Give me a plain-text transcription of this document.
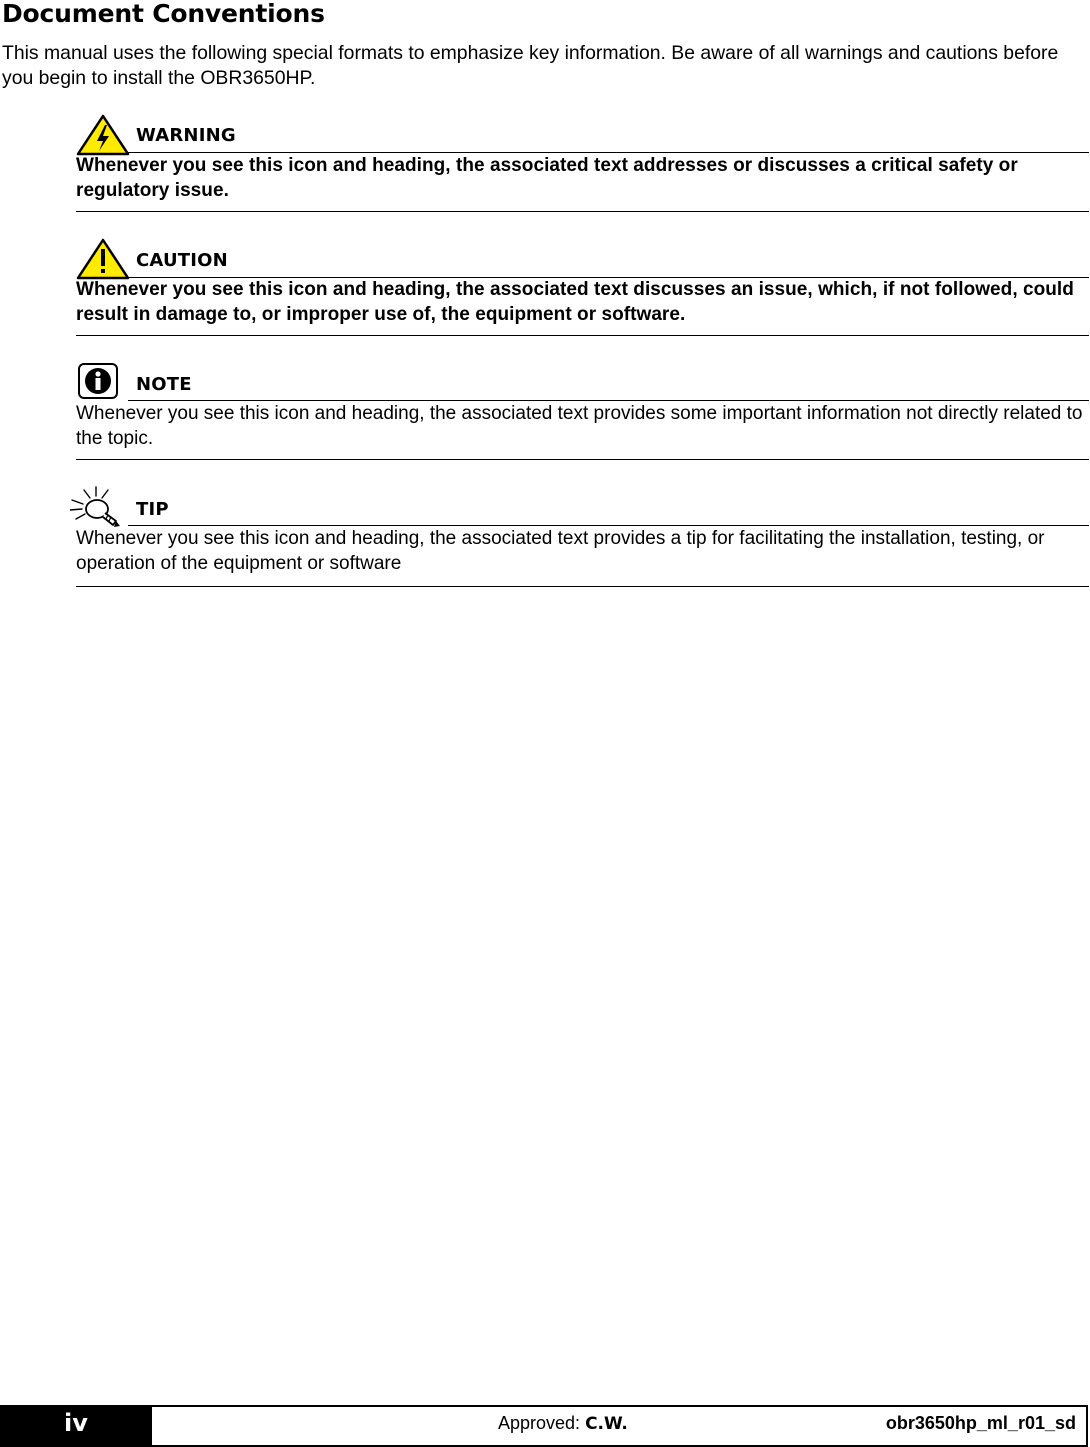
Document Conventions

This manual uses the following special formats to emphasize key information. Be aware of all warnings and cautions before you begin to install the OBR3650HP.

WARNING

Whenever you see this icon and heading, the associated text addresses or discusses a critical safety or regulatory issue.

CAUTION

Whenever you see this icon and heading, the associated text discusses an issue, which, if not followed, could result in damage to, or improper use of, the equipment or software.

NOTE

Whenever you see this icon and heading, the associated text provides some important information not directly related to the topic.

TIP

Whenever you see this icon and heading, the associated text provides a tip for facilitating the installation, testing, or operation of the equipment or software

iv	Approved: C.W.	obr3650hp_ml_r01_sd
